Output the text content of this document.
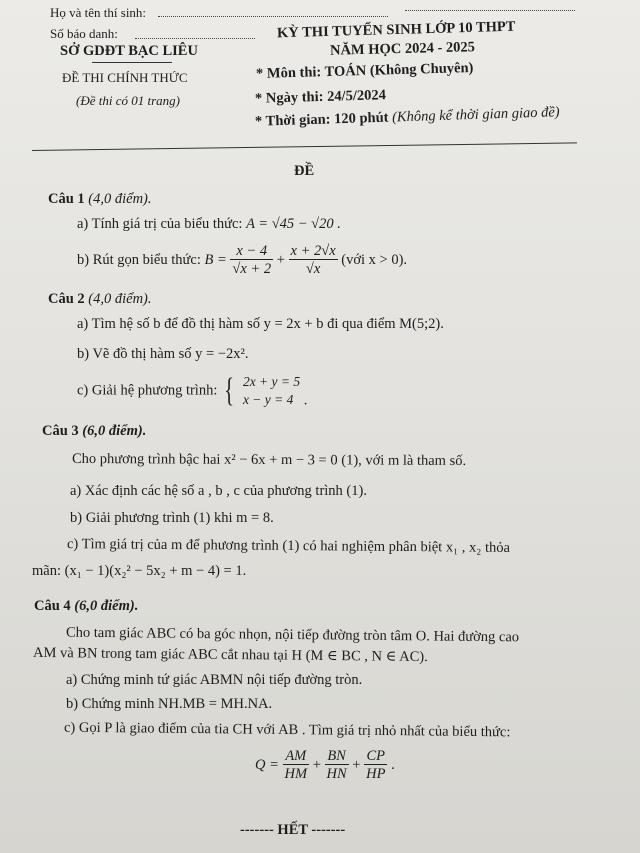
Họ và tên thí sinh:
Số báo danh:
SỞ GDĐT BẠC LIÊU
ĐỀ THI CHÍNH THỨC
(Đề thi có 01 trang)
KỲ THI TUYỂN SINH LỚP 10 THPT
NĂM HỌC 2024 - 2025
* Môn thi: TOÁN (Không Chuyên)
* Ngày thi: 24/5/2024
* Thời gian: 120 phút (Không kể thời gian giao đề)
ĐỀ
Câu 1 (4,0 điểm).
a) Tính giá trị của biểu thức: A = √45 − √20 .
b) Rút gọn biểu thức: $B = \frac{x - 4}{√x + 2} + \frac{x + 2√x}{√x}$ (với x > 0).
Câu 2 (4,0 điểm).
a) Tìm hệ số b để đồ thị hàm số y = 2x + b đi qua điểm M(5;2).
b) Vẽ đồ thị hàm số y = −2x².
c) Giải hệ phương trình: { 2x + y = 5
x − y = 4 .
Câu 3 (6,0 điểm).
Cho phương trình bậc hai x² − 6x + m − 3 = 0 (1), với m là tham số.
a) Xác định các hệ số a , b , c của phương trình (1).
b) Giải phương trình (1) khi m = 8.
c) Tìm giá trị của m để phương trình (1) có hai nghiệm phân biệt x₁ , x₂ thỏa
mãn: (x₁ − 1)(x₂² − 5x₂ + m − 4) = 1.
Câu 4 (6,0 điểm).
Cho tam giác ABC có ba góc nhọn, nội tiếp đường tròn tâm O. Hai đường cao
AM và BN trong tam giác ABC cắt nhau tại H (M ∈ BC , N ∈ AC).
a) Chứng minh tứ giác ABMN nội tiếp đường tròn.
b) Chứng minh NH.MB = MH.NA.
c) Gọi P là giao điểm của tia CH với AB . Tìm giá trị nhỏ nhất của biểu thức:
$Q = \frac{AM}{HM} + \frac{BN}{HN} + \frac{CP}{HP}$ .
------- HẾT -------
